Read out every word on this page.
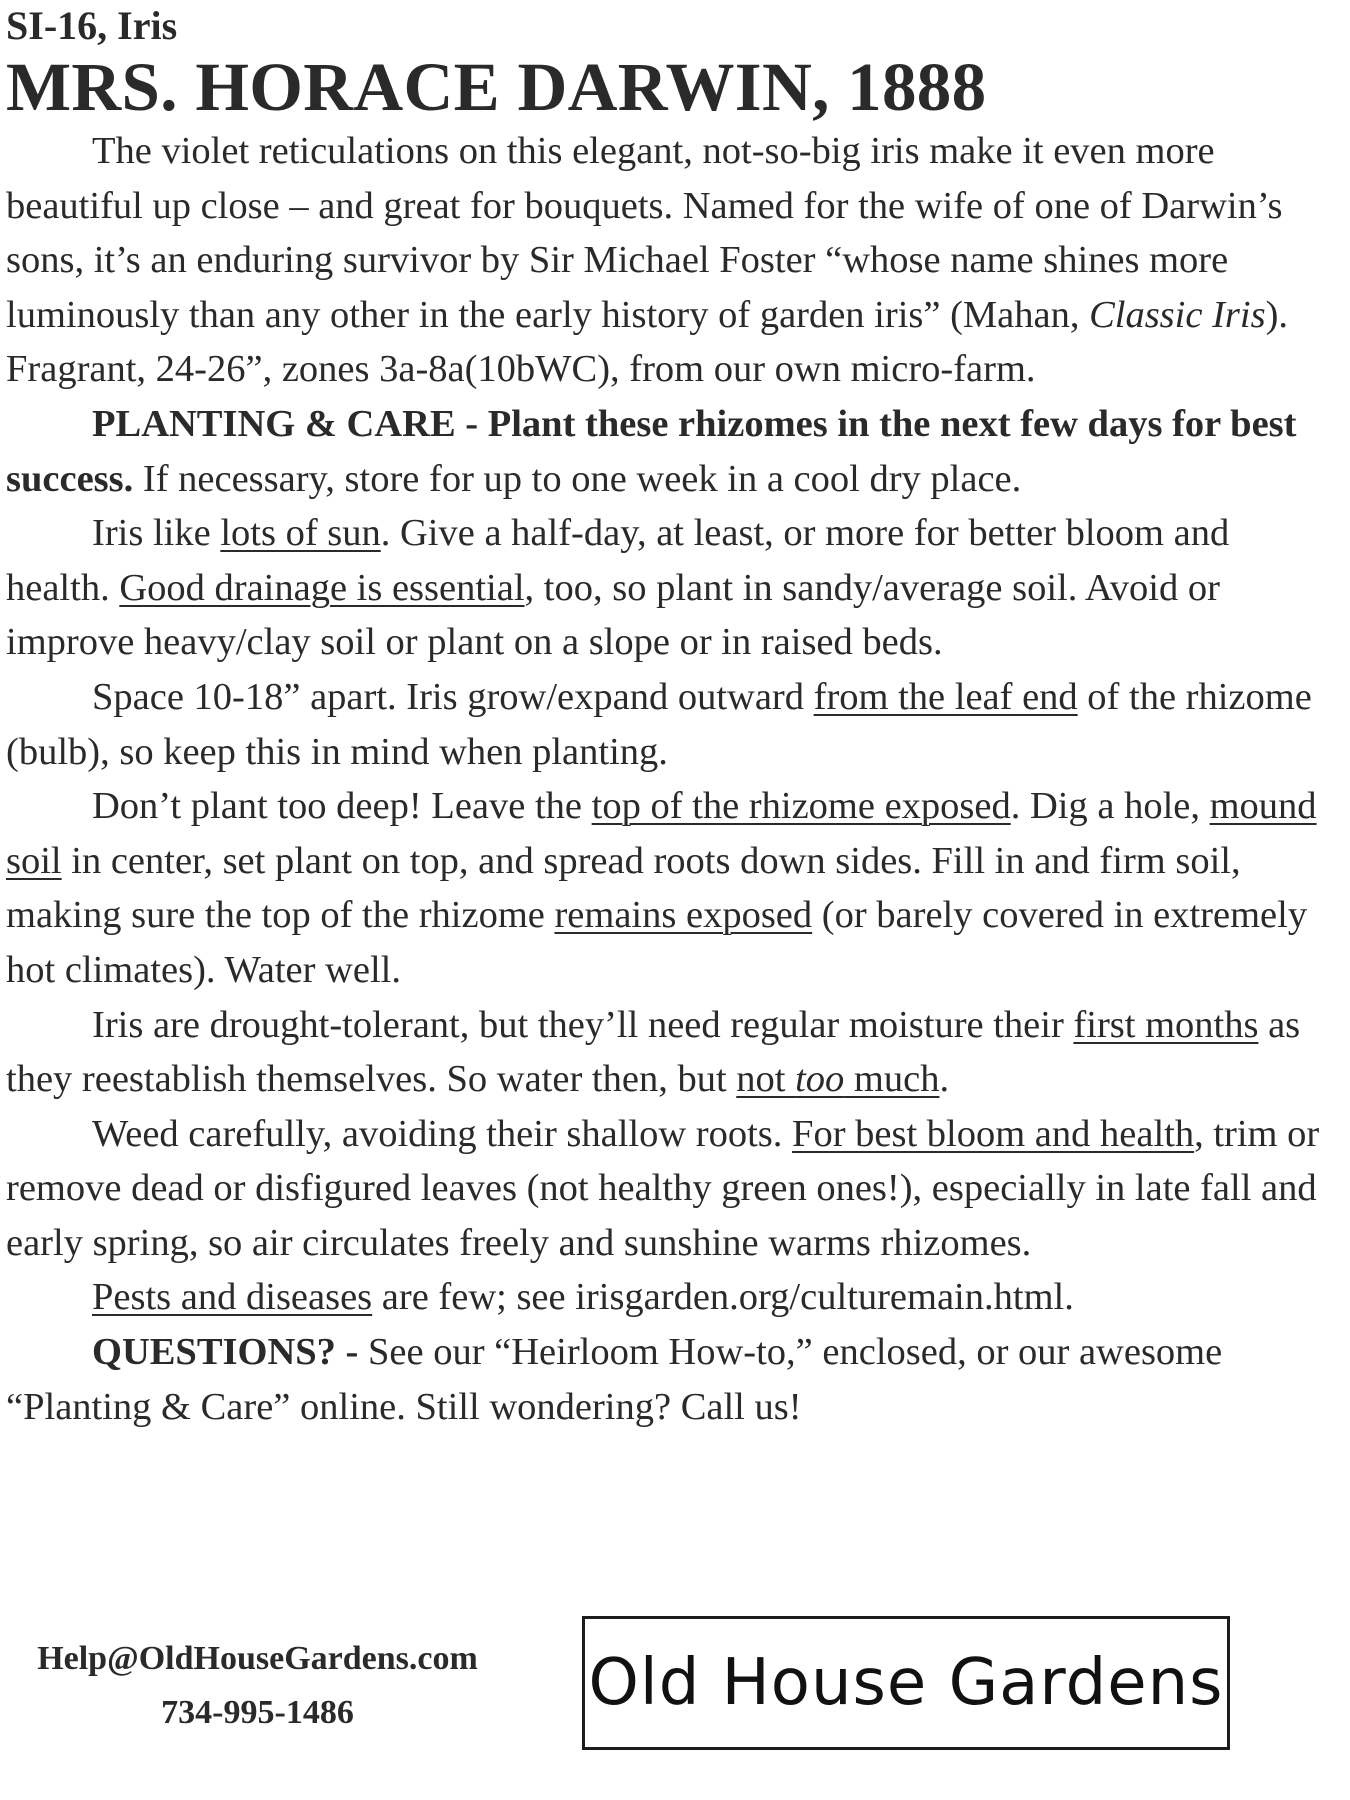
SI-16, Iris
MRS. HORACE DARWIN, 1888

The violet reticulations on this elegant, not-so-big iris make it even more beautiful up close – and great for bouquets. Named for the wife of one of Darwin’s sons, it’s an enduring survivor by Sir Michael Foster “whose name shines more luminously than any other in the early history of garden iris” (Mahan, Classic Iris). Fragrant, 24-26”, zones 3a-8a(10bWC), from our own micro-farm.

PLANTING & CARE - Plant these rhizomes in the next few days for best success. If necessary, store for up to one week in a cool dry place.

Iris like lots of sun. Give a half-day, at least, or more for better bloom and health. Good drainage is essential, too, so plant in sandy/average soil. Avoid or improve heavy/clay soil or plant on a slope or in raised beds.

Space 10-18” apart. Iris grow/expand outward from the leaf end of the rhizome (bulb), so keep this in mind when planting.

Don’t plant too deep! Leave the top of the rhizome exposed. Dig a hole, mound soil in center, set plant on top, and spread roots down sides. Fill in and firm soil, making sure the top of the rhizome remains exposed (or barely covered in extremely hot climates). Water well.

Iris are drought-tolerant, but they’ll need regular moisture their first months as they reestablish themselves. So water then, but not too much.

Weed carefully, avoiding their shallow roots. For best bloom and health, trim or remove dead or disfigured leaves (not healthy green ones!), especially in late fall and early spring, so air circulates freely and sunshine warms rhizomes.

Pests and diseases are few; see irisgarden.org/culturemain.html.

QUESTIONS? - See our “Heirloom How-to,” enclosed, or our awesome “Planting & Care” online. Still wondering? Call us!

Help@OldHouseGardens.com
734-995-1486	Old House Gardens
